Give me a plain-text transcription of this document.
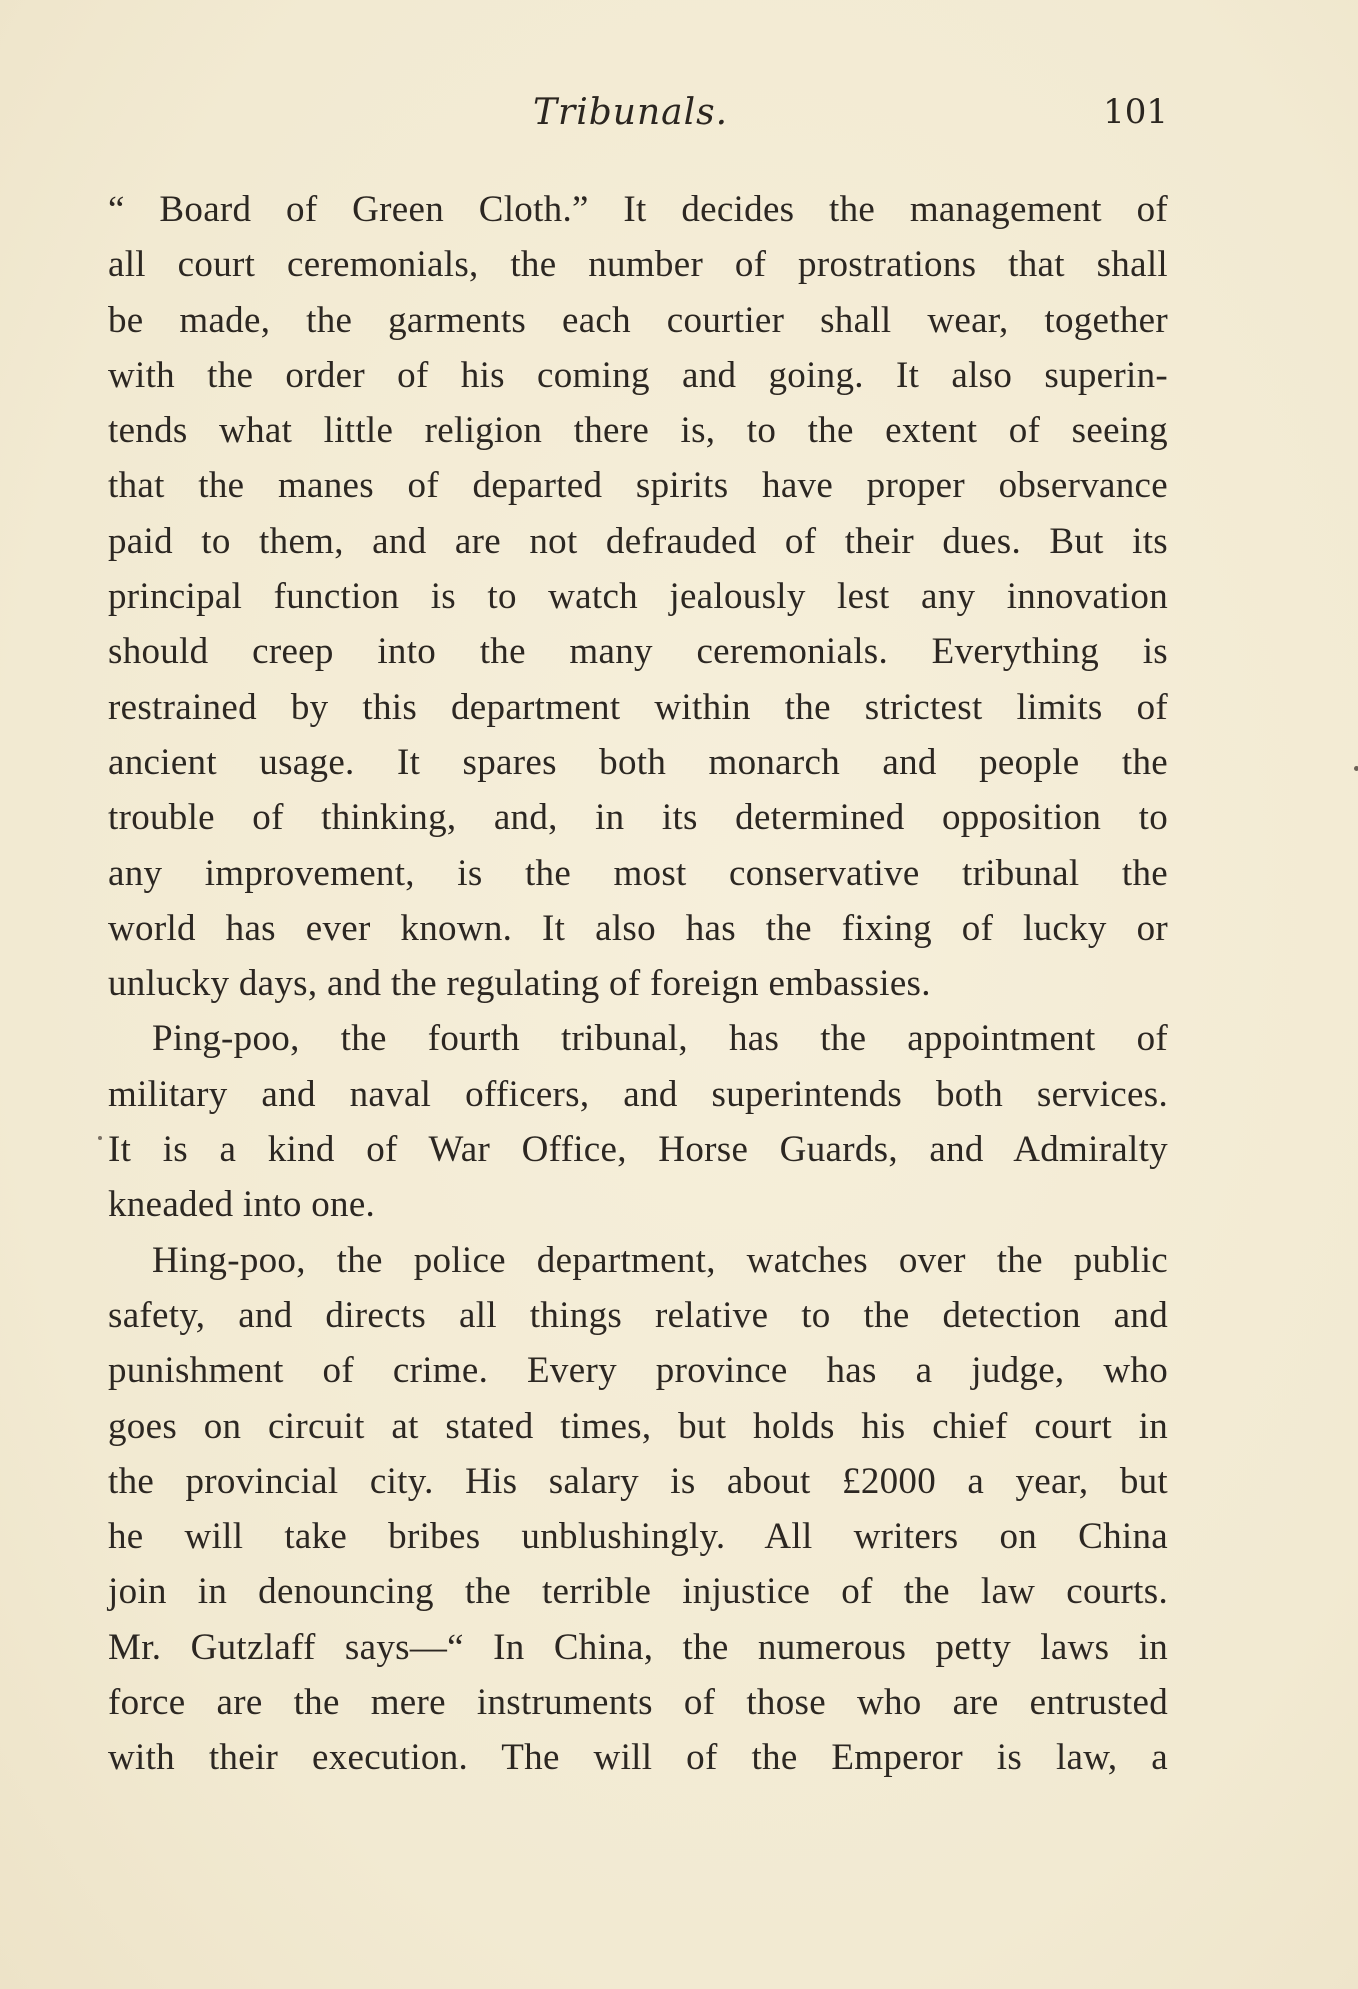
Tribunals.	101
“ Board of Green Cloth.” It decides the management of
all court ceremonials, the number of prostrations that shall
be made, the garments each courtier shall wear, together
with the order of his coming and going. It also superin-
tends what little religion there is, to the extent of seeing
that the manes of departed spirits have proper observance
paid to them, and are not defrauded of their dues. But its
principal function is to watch jealously lest any innovation
should creep into the many ceremonials. Everything is
restrained by this department within the strictest limits of
ancient usage. It spares both monarch and people the
trouble of thinking, and, in its determined opposition to
any improvement, is the most conservative tribunal the
world has ever known. It also has the fixing of lucky or
unlucky days, and the regulating of foreign embassies.
Ping-poo, the fourth tribunal, has the appointment of
military and naval officers, and superintends both services.
It is a kind of War Office, Horse Guards, and Admiralty
kneaded into one.
Hing-poo, the police department, watches over the public
safety, and directs all things relative to the detection and
punishment of crime. Every province has a judge, who
goes on circuit at stated times, but holds his chief court in
the provincial city. His salary is about £2000 a year, but
he will take bribes unblushingly. All writers on China
join in denouncing the terrible injustice of the law courts.
Mr. Gutzlaff says—“ In China, the numerous petty laws in
force are the mere instruments of those who are entrusted
with their execution. The will of the Emperor is law, a
